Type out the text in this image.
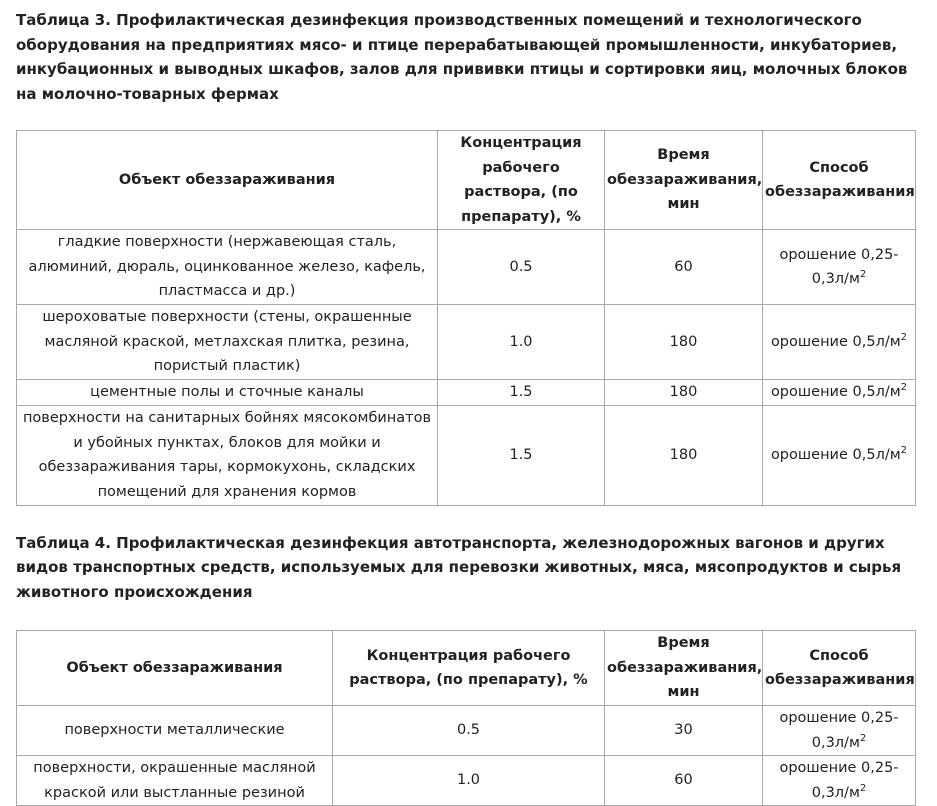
Таблица 3. Профилактическая дезинфекция производственных помещений и технологического оборудования на предприятиях мясо- и птице перерабатывающей промышленности, инкубаториев, инкубационных и выводных шкафов, залов для прививки птицы и сортировки яиц, молочных блоков на молочно-товарных фермах

Объект обеззараживания	Концентрация рабочего раствора, (по препарату), %	Время обеззараживания, мин	Способ обеззараживания
гладкие поверхности (нержавеющая сталь, алюминий, дюраль, оцинкованное железо, кафель, пластмасса и др.)	0.5	60	орошение $0,25-0,3л/м^2$
шероховатые поверхности (стены, окрашенные масляной краской, метлахская плитка, резина, пористый пластик)	1.0	180	орошение $0,5л/м^2$
цементные полы и сточные каналы	1.5	180	орошение $0,5л/м^2$
поверхности на санитарных бойнях мясокомбинатов и убойных пунктах, блоков для мойки и обеззараживания тары, кормокухонь, складских помещений для хранения кормов	1.5	180	орошение $0,5л/м^2$

Таблица 4. Профилактическая дезинфекция автотранспорта, железнодорожных вагонов и других видов транспортных средств, используемых для перевозки животных, мяса, мясопродуктов и сырья животного происхождения

Объект обеззараживания	Концентрация рабочего раствора, (по препарату), %	Время обеззараживания, мин	Способ обеззараживания
поверхности металлические	0.5	30	орошение $0,25-0,3л/м^2$
поверхности, окрашенные масляной краской или выстланные резиной	1.0	60	орошение $0,25-0,3л/м^2$
